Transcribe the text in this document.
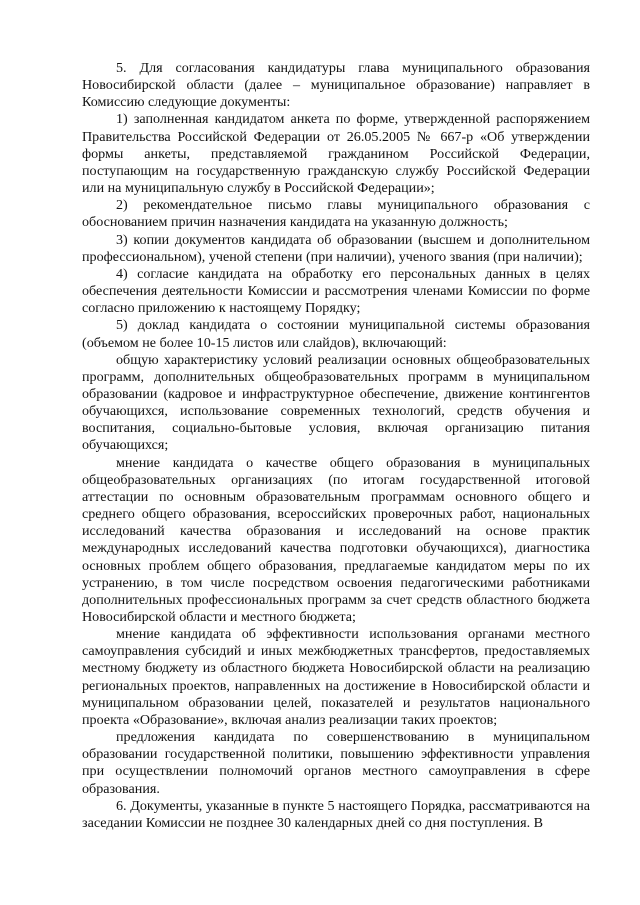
5. Для согласования кандидатуры глава муниципального образования Новосибирской области (далее – муниципальное образование) направляет в Комиссию следующие документы:

1) заполненная кандидатом анкета по форме, утвержденной распоряжением Правительства Российской Федерации от 26.05.2005 № 667-р «Об утверждении формы анкеты, представляемой гражданином Российской Федерации, поступающим на государственную гражданскую службу Российской Федерации или на муниципальную службу в Российской Федерации»;

2) рекомендательное письмо главы муниципального образования с обоснованием причин назначения кандидата на указанную должность;

3) копии документов кандидата об образовании (высшем и дополнительном профессиональном), ученой степени (при наличии), ученого звания (при наличии);

4) согласие кандидата на обработку его персональных данных в целях обеспечения деятельности Комиссии и рассмотрения членами Комиссии по форме согласно приложению к настоящему Порядку;

5) доклад кандидата о состоянии муниципальной системы образования (объемом не более 10-15 листов или слайдов), включающий:

общую характеристику условий реализации основных общеобразовательных программ, дополнительных общеобразовательных программ в муниципальном образовании (кадровое и инфраструктурное обеспечение, движение контингентов обучающихся, использование современных технологий, средств обучения и воспитания, социально-бытовые условия, включая организацию питания обучающихся;

мнение кандидата о качестве общего образования в муниципальных общеобразовательных организациях (по итогам государственной итоговой аттестации по основным образовательным программам основного общего и среднего общего образования, всероссийских проверочных работ, национальных исследований качества образования и исследований на основе практик международных исследований качества подготовки обучающихся), диагностика основных проблем общего образования, предлагаемые кандидатом меры по их устранению, в том числе посредством освоения педагогическими работниками дополнительных профессиональных программ за счет средств областного бюджета Новосибирской области и местного бюджета;

мнение кандидата об эффективности использования органами местного самоуправления субсидий и иных межбюджетных трансфертов, предоставляемых местному бюджету из областного бюджета Новосибирской области на реализацию региональных проектов, направленных на достижение в Новосибирской области и муниципальном образовании целей, показателей и результатов национального проекта «Образование», включая анализ реализации таких проектов;

предложения кандидата по совершенствованию в муниципальном образовании государственной политики, повышению эффективности управления при осуществлении полномочий органов местного самоуправления в сфере образования.

6. Документы, указанные в пункте 5 настоящего Порядка, рассматриваются на заседании Комиссии не позднее 30 календарных дней со дня поступления. В
